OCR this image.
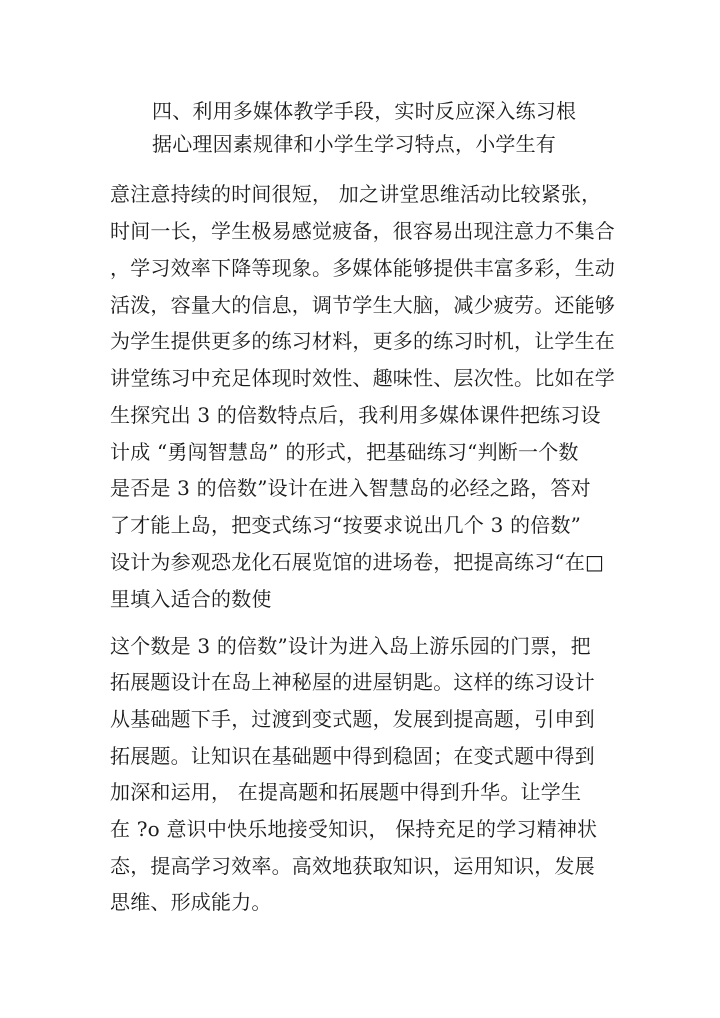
四、利用多媒体教学手段，实时反应深入练习根
据心理因素规律和小学生学习特点，小学生有
意注意持续的时间很短， 加之讲堂思维活动比较紧张，
时间一长，学生极易感觉疲备，很容易出现注意力不集合
，学习效率下降等现象。多媒体能够提供丰富多彩，生动
活泼，容量大的信息，调节学生大脑，减少疲劳。还能够
为学生提供更多的练习材料，更多的练习时机，让学生在
讲堂练习中充足体现时效性、趣味性、层次性。比如在学
生探究出 3 的倍数特点后，我利用多媒体课件把练习设
计成 “勇闯智慧岛” 的形式，把基础练习“判断一个数
是否是 3 的倍数”设计在进入智慧岛的必经之路，答对
了才能上岛，把变式练习“按要求说出几个 3 的倍数”
设计为参观恐龙化石展览馆的进场卷，把提高练习“在□
里填入适合的数使
这个数是 3 的倍数”设计为进入岛上游乐园的门票，把
拓展题设计在岛上神秘屋的进屋钥匙。这样的练习设计
从基础题下手，过渡到变式题，发展到提高题，引申到
拓展题。让知识在基础题中得到稳固；在变式题中得到
加深和运用， 在提高题和拓展题中得到升华。让学生
在 ?o 意识中快乐地接受知识， 保持充足的学习精神状
态，提高学习效率。高效地获取知识，运用知识，发展
思维、形成能力。
